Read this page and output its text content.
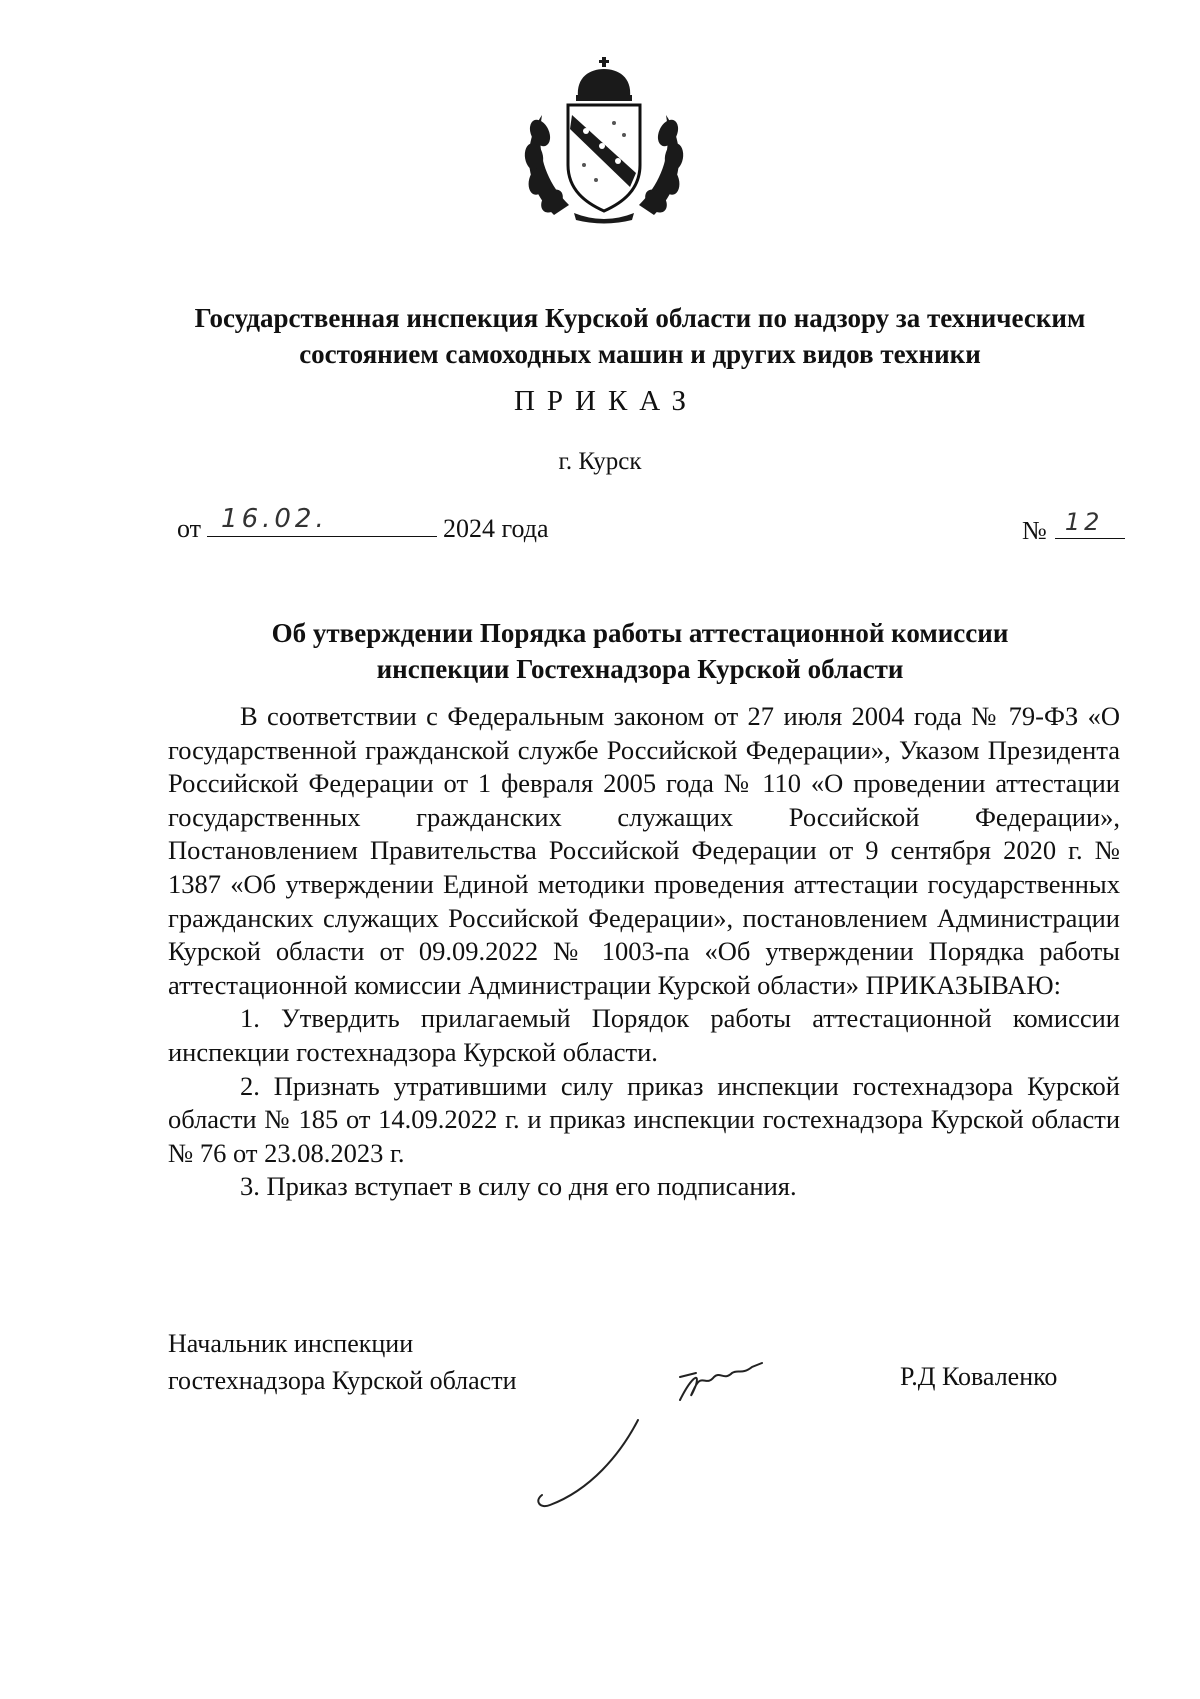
Государственная инспекция Курской области по надзору за техническим
состоянием самоходных машин и других видов техники
ПРИКАЗ
г. Курск
от 16.02.	2024 года	№ 12
Об утверждении Порядка работы аттестационной комиссии
инспекции Гостехнадзора Курской области

В соответствии с Федеральным законом от 27 июля 2004 года № 79-ФЗ «О государственной гражданской службе Российской Федерации», Указом Президента Российской Федерации от 1 февраля 2005 года № 110 «О проведении аттестации государственных гражданских служащих Российской Федерации», Постановлением Правительства Российской Федерации от 9 сентября 2020 г. № 1387 «Об утверждении Единой методики проведения аттестации государственных гражданских служащих Российской Федерации», постановлением Администрации Курской области от 09.09.2022 № 1003-па «Об утверждении Порядка работы аттестационной комиссии Администрации Курской области» ПРИКАЗЫВАЮ:

1. Утвердить прилагаемый Порядок работы аттестационной комиссии инспекции гостехнадзора Курской области.

2. Признать утратившими силу приказ инспекции гостехнадзора Курской области № 185 от 14.09.2022 г. и приказ инспекции гостехнадзора Курской области № 76 от 23.08.2023 г.

3. Приказ вступает в силу со дня его подписания.

Начальник инспекции
гостехнадзора Курской области	Р.Д Коваленко
